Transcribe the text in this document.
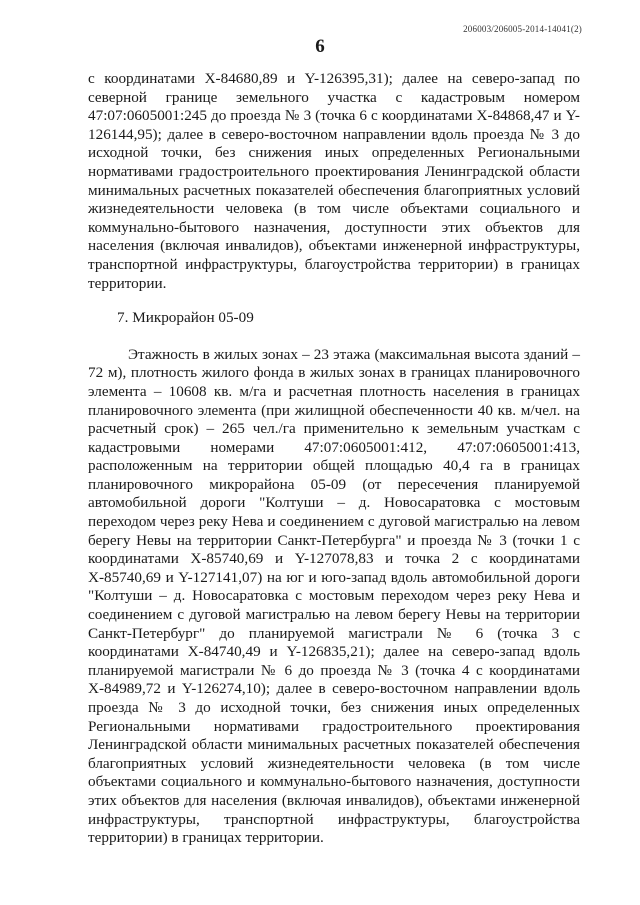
206003/206005-2014-14041(2)
6

с координатами Х-84680,89 и Y-126395,31); далее на северо-запад по северной границе земельного участка с кадастровым номером 47:07:0605001:245 до проезда № 3 (точка 6 с координатами Х-84868,47 и Y-126144,95); далее в северо-восточном направлении вдоль проезда № 3 до исходной точки, без снижения иных определенных Региональными нормативами градостроительного проектирования Ленинградской области минимальных расчетных показателей обеспечения благоприятных условий жизнедеятельности человека (в том числе объектами социального и коммунально-бытового назначения, доступности этих объектов для населения (включая инвалидов), объектами инженерной инфраструктуры, транспортной инфраструктуры, благоустройства территории) в границах территории.

7. Микрорайон 05-09

Этажность в жилых зонах – 23 этажа (максимальная высота зданий – 72 м), плотность жилого фонда в жилых зонах в границах планировочного элемента – 10608 кв. м/га и расчетная плотность населения в границах планировочного элемента (при жилищной обеспеченности 40 кв. м/чел. на расчетный срок) – 265 чел./га применительно к земельным участкам с кадастровыми номерами 47:07:0605001:412, 47:07:0605001:413, расположенным на территории общей площадью 40,4 га в границах планировочного микрорайона 05-09 (от пересечения планируемой автомобильной дороги "Колтуши – д. Новосаратовка с мостовым переходом через реку Нева и соединением с дуговой магистралью на левом берегу Невы на территории Санкт-Петербурга" и проезда № 3 (точки 1 с координатами Х-85740,69 и Y-127078,83 и точка 2 с координатами Х-85740,69 и Y-127141,07) на юг и юго-запад вдоль автомобильной дороги "Колтуши – д. Новосаратовка с мостовым переходом через реку Нева и соединением с дуговой магистралью на левом берегу Невы на территории Санкт-Петербург" до планируемой магистрали № 6 (точка 3 с координатами Х-84740,49 и Y-126835,21); далее на северо-запад вдоль планируемой магистрали № 6 до проезда № 3 (точка 4 с координатами Х-84989,72 и Y-126274,10); далее в северо-восточном направлении вдоль проезда № 3 до исходной точки, без снижения иных определенных Региональными нормативами градостроительного проектирования Ленинградской области минимальных расчетных показателей обеспечения благоприятных условий жизнедеятельности человека (в том числе объектами социального и коммунально-бытового назначения, доступности этих объектов для населения (включая инвалидов), объектами инженерной инфраструктуры, транспортной инфраструктуры, благоустройства территории) в границах территории.
